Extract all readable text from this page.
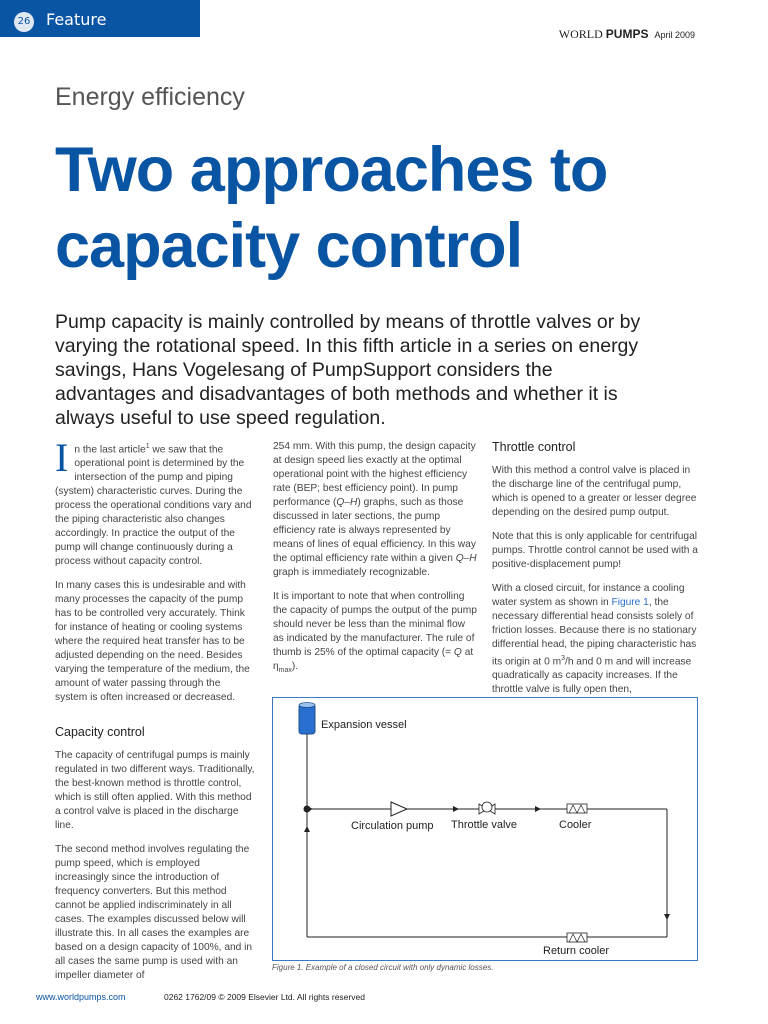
26 Feature
WORLD PUMPS April 2009
Energy efficiency
Two approaches to capacity control
Pump capacity is mainly controlled by means of throttle valves or by varying the rotational speed. In this fifth article in a series on energy savings, Hans Vogelesang of PumpSupport considers the advantages and disadvantages of both methods and whether it is always useful to use speed regulation.

In the last article$^1$ we saw that the operational point is determined by the intersection of the pump and piping (system) characteristic curves. During the process the operational conditions vary and the piping characteristic also changes accordingly. In practice the output of the pump will change continuously during a process without capacity control.

In many cases this is undesirable and with many processes the capacity of the pump has to be controlled very accurately. Think for instance of heating or cooling systems where the required heat transfer has to be adjusted depending on the need. Besides varying the temperature of the medium, the amount of water passing through the system is often increased or decreased.

Capacity control

The capacity of centrifugal pumps is mainly regulated in two different ways. Traditionally, the best-known method is throttle control, which is still often applied. With this method a control valve is placed in the discharge line.

The second method involves regulating the pump speed, which is employed increasingly since the introduction of frequency converters. But this method cannot be applied indiscriminately in all cases. The examples discussed below will illustrate this. In all cases the examples are based on a design capacity of 100%, and in all cases the same pump is used with an impeller diameter of

254 mm. With this pump, the design capacity at design speed lies exactly at the optimal operational point with the highest efficiency rate (BEP; best efficiency point). In pump performance (Q–H) graphs, such as those discussed in later sections, the pump efficiency rate is always represented by means of lines of equal efficiency. In this way the optimal efficiency rate within a given Q–H graph is immediately recognizable.

It is important to note that when controlling the capacity of pumps the output of the pump should never be less than the minimal flow as indicated by the manufacturer. The rule of thumb is 25% of the optimal capacity (= Q at $\eta_{max}$).

Throttle control

With this method a control valve is placed in the discharge line of the centrifugal pump, which is opened to a greater or lesser degree depending on the desired pump output.

Note that this is only applicable for centrifugal pumps. Throttle control cannot be used with a positive-displacement pump!

With a closed circuit, for instance a cooling water system as shown in Figure 1, the necessary differential head consists solely of friction losses. Because there is no stationary differential head, the piping characteristic has its origin at 0 $m^3/h$ and 0 m and will increase quadratically as capacity increases. If the throttle valve is fully open then,

Expansion vessel
Circulation pump Throttle valve	Cooler
Return cooler
Figure 1. Example of a closed circuit with only dynamic losses.
www.worldpumps.com	0262 1762/09 © 2009 Elsevier Ltd. All rights reserved
